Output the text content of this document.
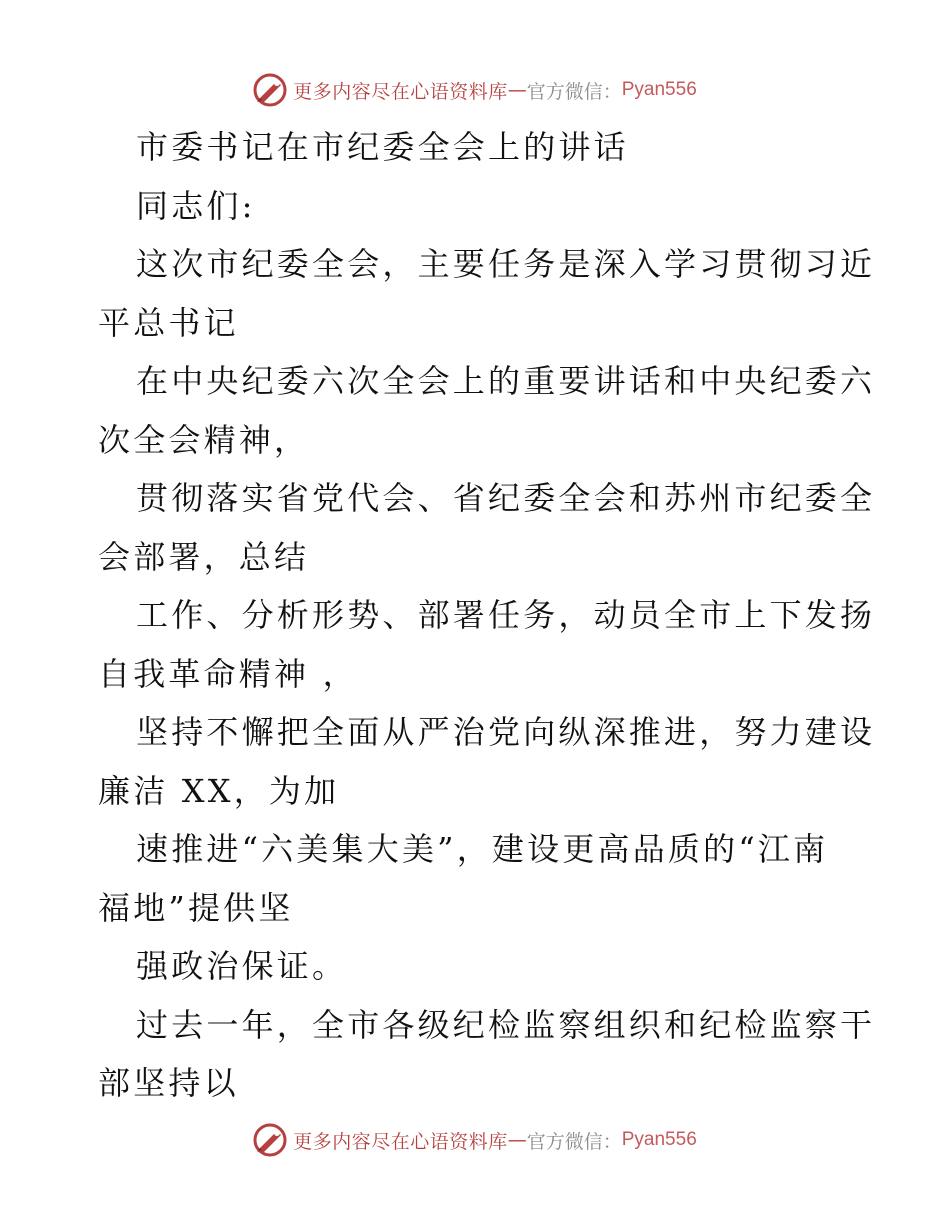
更多内容尽在心语资料库 — 官方微信： Pyan556
市委书记在市纪委全会上的讲话
同志们:
这次市纪委全会，主要任务是深入学习贯彻习近
平总书记
在中央纪委六次全会上的重要讲话和中央纪委六
次全会精神，
贯彻落实省党代会、省纪委全会和苏州市纪委全
会部署，总结
工作、分析形势、部署任务，动员全市上下发扬
自我革命精神 ，
坚持不懈把全面从严治党向纵深推进，努力建设
廉洁 XX，为加
速推进“六美集大美”，建设更高品质的“江南
福地”提供坚
强政治保证。
过去一年，全市各级纪检监察组织和纪检监察干
部坚持以
更多内容尽在心语资料库 — 官方微信： Pyan556
